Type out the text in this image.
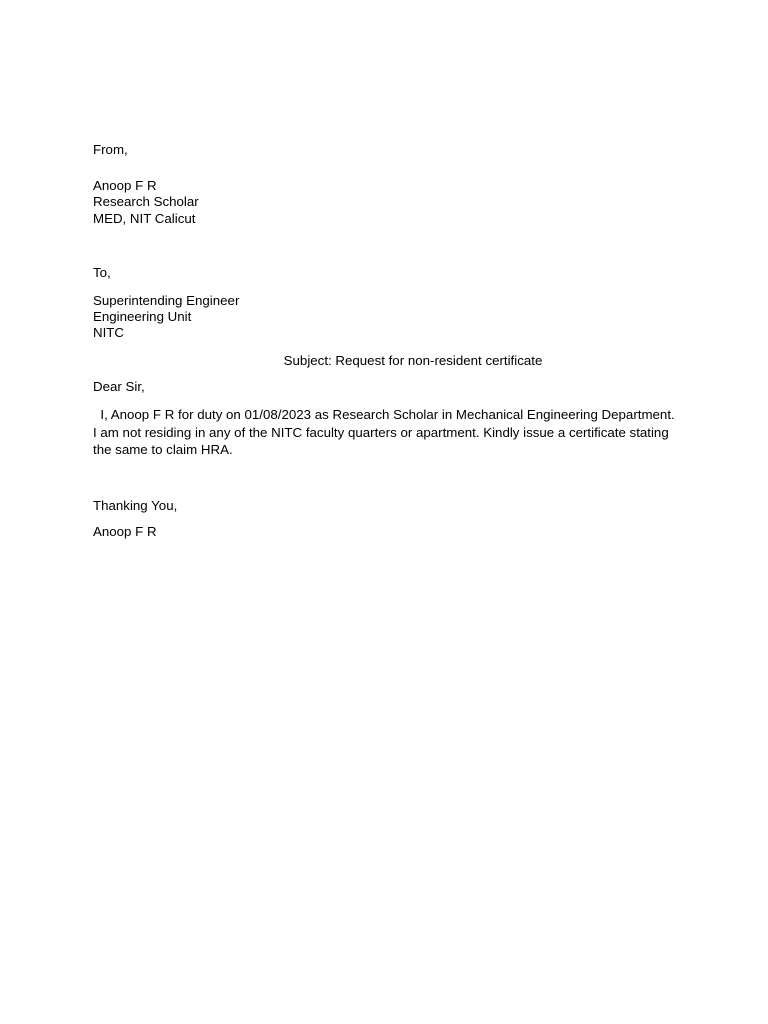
From,
Anoop F R
Research Scholar
MED, NIT Calicut
To,
Superintending Engineer
Engineering Unit
NITC
Subject: Request for non-resident certificate
Dear Sir,
I, Anoop F R for duty on 01/08/2023 as Research Scholar in Mechanical Engineering Department.
I am not residing in any of the NITC faculty quarters or apartment. Kindly issue a certificate stating
the same to claim HRA.
Thanking You,
Anoop F R
